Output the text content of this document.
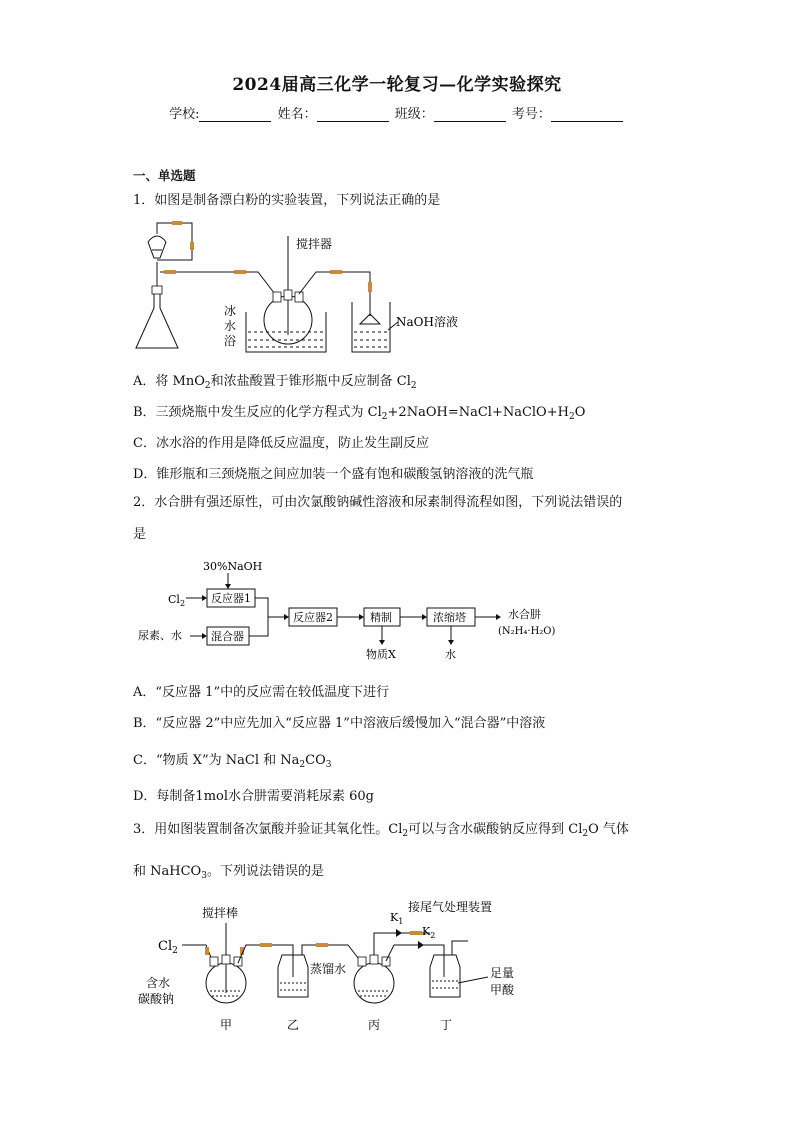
2024届高三化学一轮复习—化学实验探究
学校:	姓名：	班级：	考号：
一、单选题
1．如图是制备漂白粉的实验装置，下列说法正确的是
搅拌器
冰
水
浴
NaOH溶液
A．将 MnO$_2$和浓盐酸置于锥形瓶中反应制备 $Cl_2$
B．三颈烧瓶中发生反应的化学方程式为 $Cl_2+2NaOH=NaCl+NaClO+H_2O$
C．冰水浴的作用是降低反应温度，防止发生副反应
D．锥形瓶和三颈烧瓶之间应加装一个盛有饱和碳酸氢钠溶液的洗气瓶
2．水合肼有强还原性，可由次氯酸钠碱性溶液和尿素制得流程如图，下列说法错误的
是
30%NaOH
$Cl_2$ 反应器1
尿素、水	混合器
反应器2	精制
物质X
浓缩塔
水
水合肼
(N₂H₄·H₂O)
A．“反应器 1”中的反应需在较低温度下进行
B．“反应器 2”中应先加入“反应器 1”中溶液后缓慢加入“混合器”中溶液
C．“物质 X”为 NaCl 和 $Na_2CO_3$
D．每制备1mol水合肼需要消耗尿素 60g
3．用如图装置制备次氯酸并验证其氧化性。$Cl_2$可以与含水碳酸钠反应得到 $Cl_2O$ 气体
和 NaHCO$_3$。下列说法错误的是
$Cl_2$
搅拌棒
含水
碳酸钠
蒸馏水
$K_1$
接尾气处理装置
$K_2$
足量
甲酸
甲	乙	丙	丁
